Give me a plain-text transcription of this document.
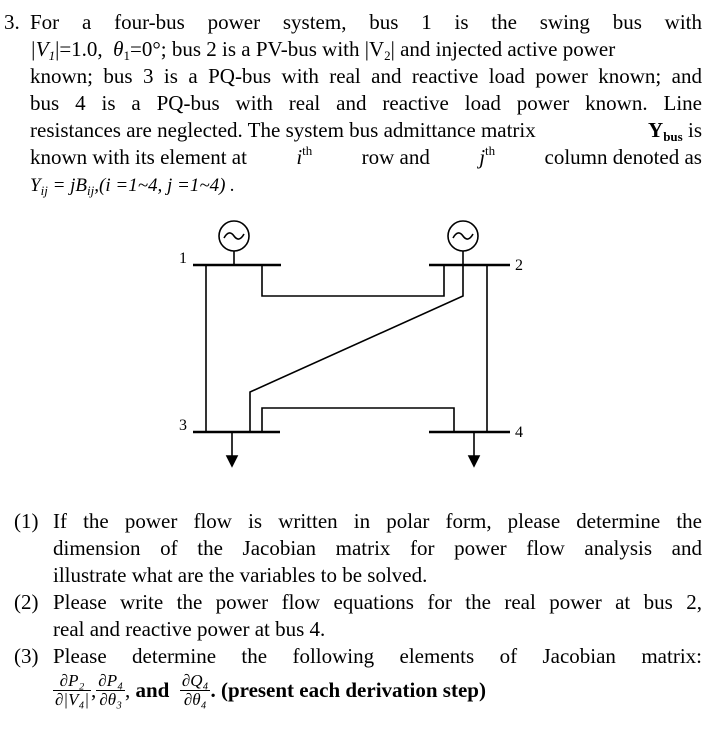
3. For a four-bus power system, bus 1 is the swing bus with
$|V_1|=1.0$, $\theta_1=0^\circ$; bus 2 is a PV-bus with $|V_2|$ and injected active power
known; bus 3 is a PQ-bus with real and reactive load power known; and
bus 4 is a PQ-bus with real and reactive load power known. Line
resistances are neglected. The system bus admittance matrix	$Y_{bus}$ is
known with its element at $i^{th}$ row and $j^{th}$ column denoted as
$Y_{ij} = jB_{ij},(i$ =1~4, j =1~4) .
1	2
3	4
(1) If the power flow is written in polar form, please determine the
dimension of the Jacobian matrix for power flow analysis and
illustrate what are the variables to be solved.
(2) Please write the power flow equations for the real power at bus 2,
real and reactive power at bus 4.
(3) Please determine the following elements of Jacobian matrix:
$\frac{\text{∂P₂}}{\text{∂|V₄|}}$ , $\frac{\text{∂P₄}}{\text{∂θ₃}}$ ,
and
$\frac{\text{∂Q₄}}{\text{∂θ₄}}$ . (present each derivation step)
